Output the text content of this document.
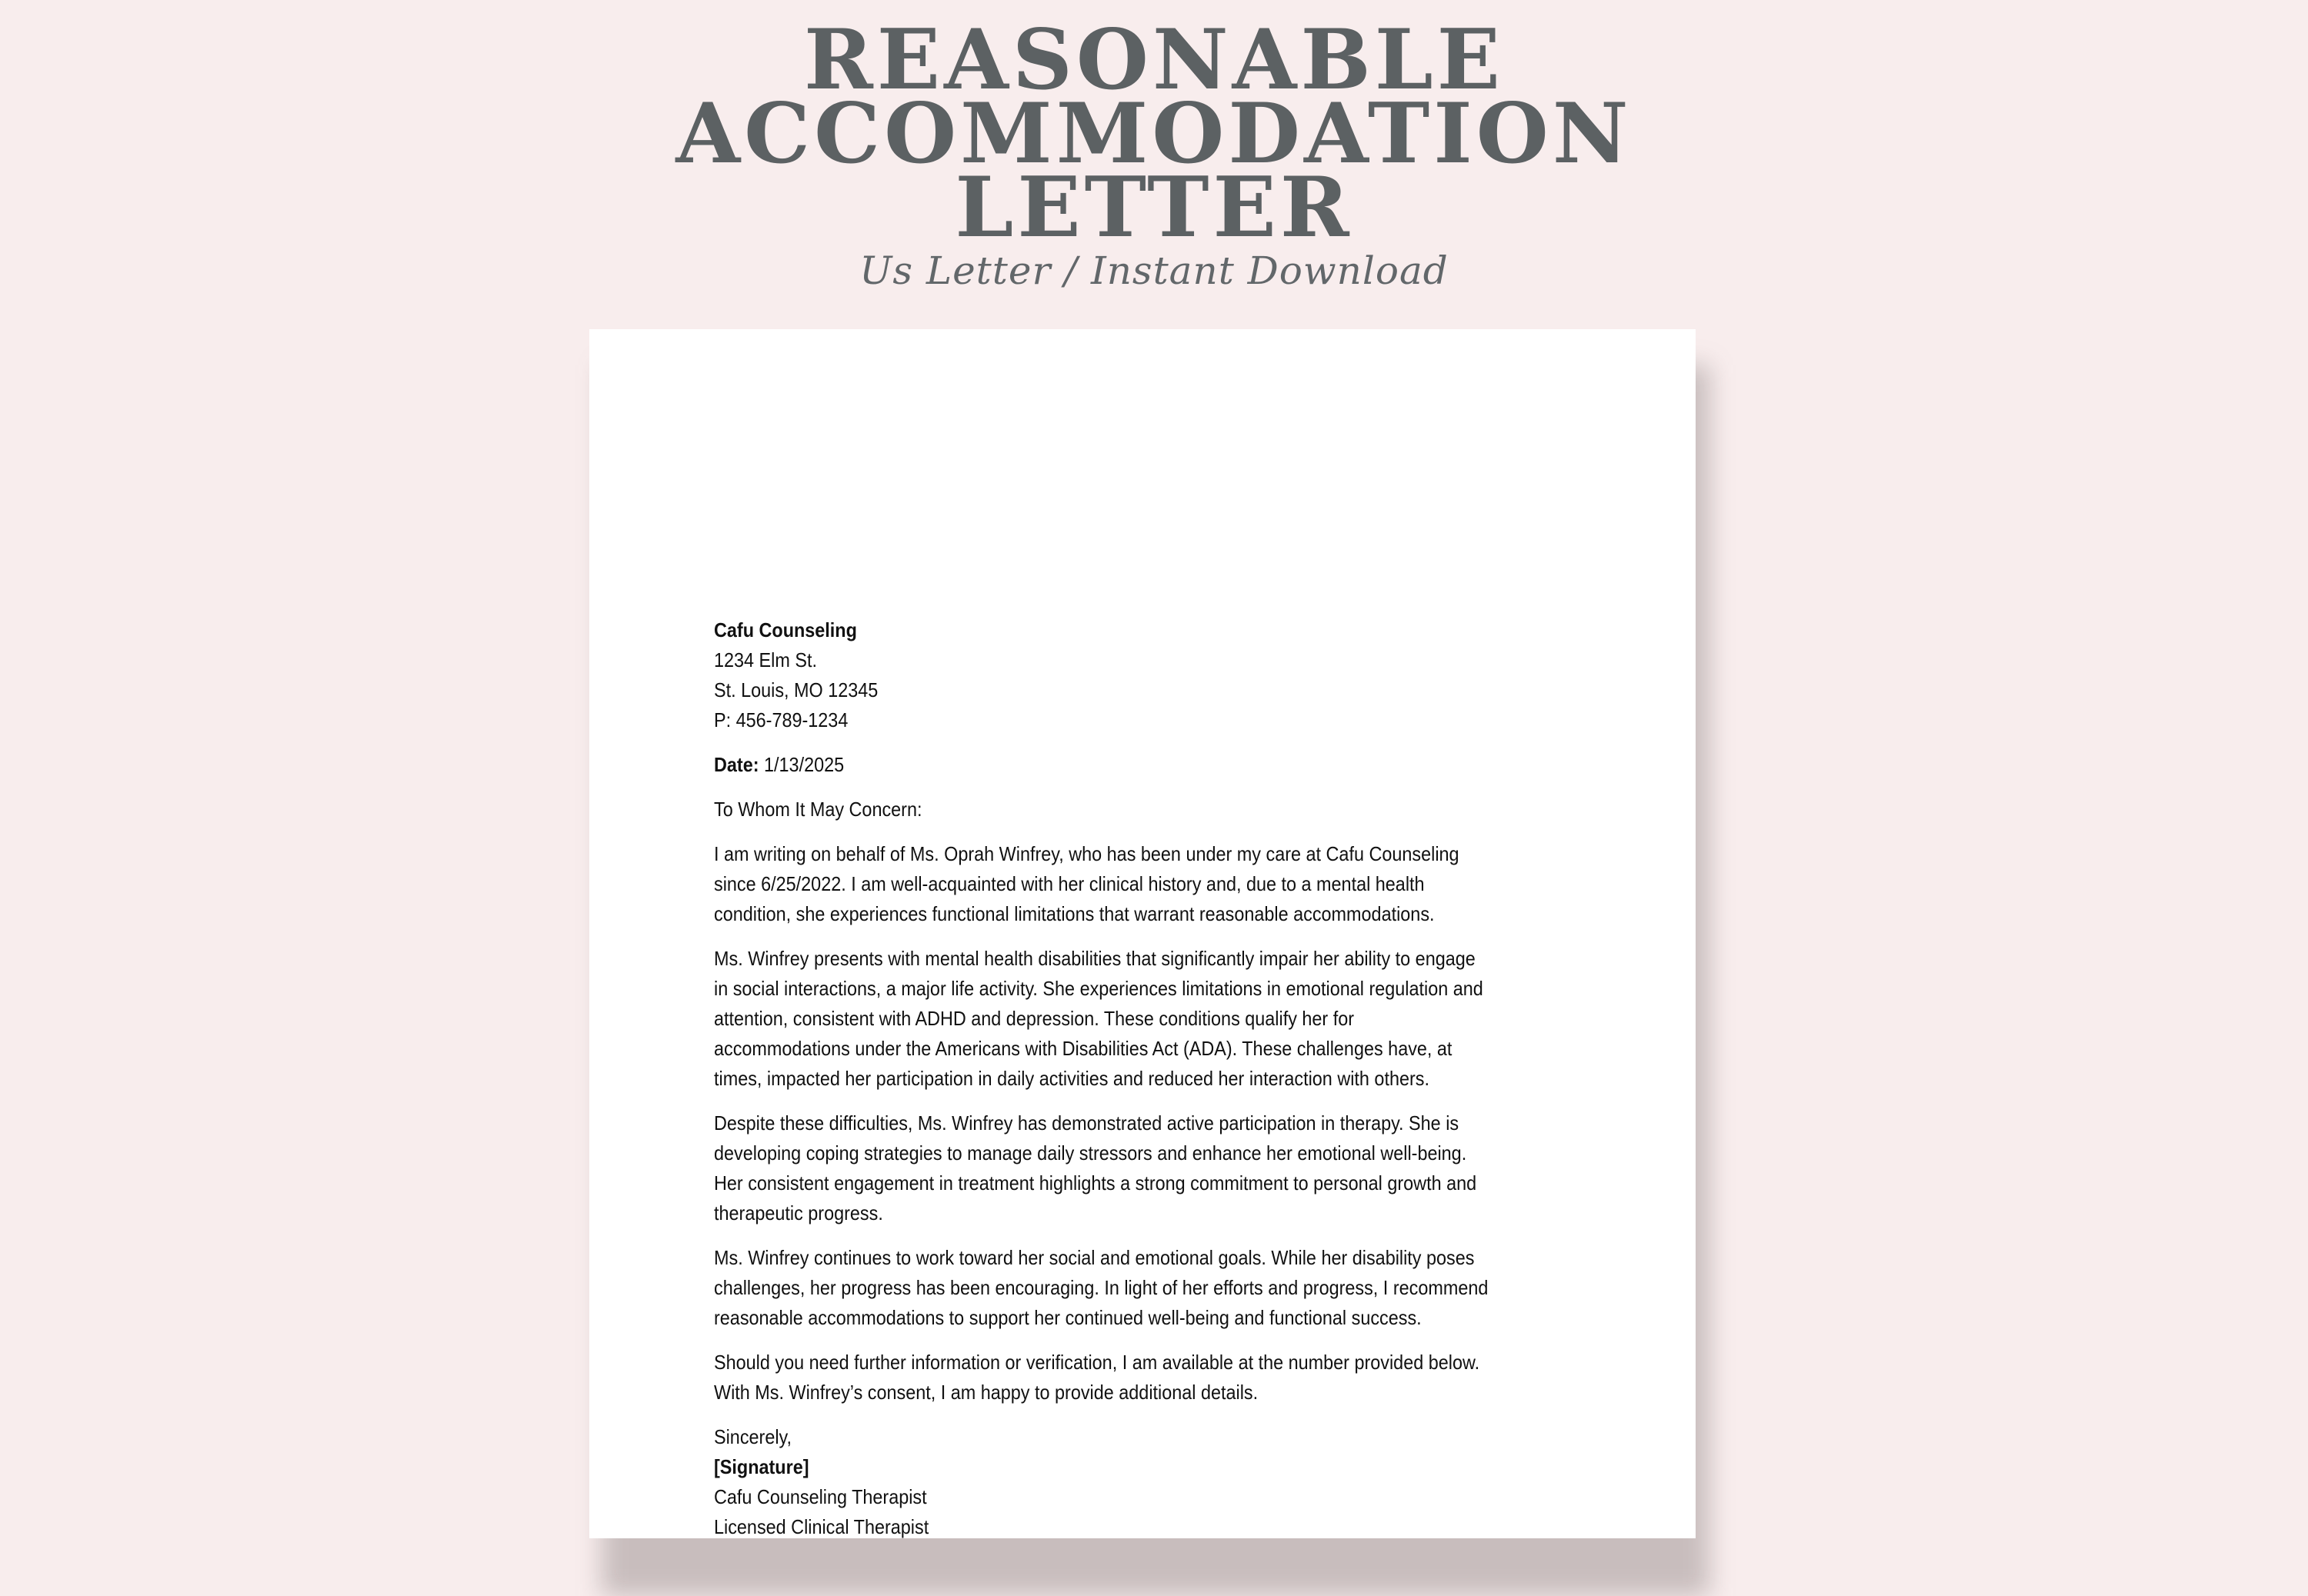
REASONABLE
ACCOMMODATION
LETTER
Us Letter / Instant Download

Cafu Counseling
1234 Elm St.
St. Louis, MO 12345
P: 456-789-1234

Date: 1/13/2025

To Whom It May Concern:

I am writing on behalf of Ms. Oprah Winfrey, who has been under my care at Cafu Counseling since 6/25/2022. I am well-acquainted with her clinical history and, due to a mental health condition, she experiences functional limitations that warrant reasonable accommodations.

Ms. Winfrey presents with mental health disabilities that significantly impair her ability to engage in social interactions, a major life activity. She experiences limitations in emotional regulation and attention, consistent with ADHD and depression. These conditions qualify her for accommodations under the Americans with Disabilities Act (ADA). These challenges have, at times, impacted her participation in daily activities and reduced her interaction with others.

Despite these difficulties, Ms. Winfrey has demonstrated active participation in therapy. She is developing coping strategies to manage daily stressors and enhance her emotional well-being. Her consistent engagement in treatment highlights a strong commitment to personal growth and therapeutic progress.

Ms. Winfrey continues to work toward her social and emotional goals. While her disability poses challenges, her progress has been encouraging. In light of her efforts and progress, I recommend reasonable accommodations to support her continued well-being and functional success.

Should you need further information or verification, I am available at the number provided below. With Ms. Winfrey’s consent, I am happy to provide additional details.

Sincerely,
[Signature]
Cafu Counseling Therapist
Licensed Clinical Therapist
